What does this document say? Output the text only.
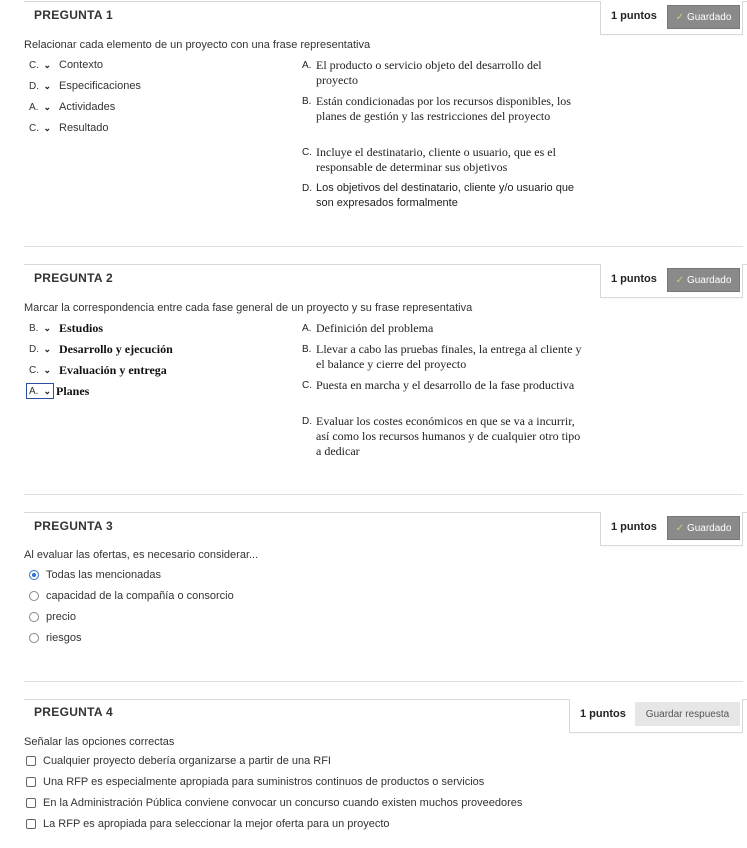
PREGUNTA 1	1 puntos ✓ Guardado
Relacionar cada elemento de un proyecto con una frase representativa
C. ⌄ Contexto
D. ⌄ Especificaciones
A. ⌄ Actividades
C. ⌄ Resultado
A. El producto o servicio objeto del desarrollo del proyecto
B. Están condicionadas por los recursos disponibles, los planes de gestión y las restricciones del proyecto
C. Incluye el destinatario, cliente o usuario, que es el responsable de determinar sus objetivos
D. Los objetivos del destinatario, cliente y/o usuario que son expresados formalmente
PREGUNTA 2	1 puntos ✓ Guardado
Marcar la correspondencia entre cada fase general de un proyecto y su frase representativa
B. ⌄ Estudios
D. ⌄ Desarrollo y ejecución
C. ⌄ Evaluación y entrega
A. ⌄ Planes
A. Definición del problema
B. Llevar a cabo las pruebas finales, la entrega al cliente y el balance y cierre del proyecto
C. Puesta en marcha y el desarrollo de la fase productiva
D. Evaluar los costes económicos en que se va a incurrir, así como los recursos humanos y de cualquier otro tipo a dedicar
PREGUNTA 3	1 puntos ✓ Guardado
Al evaluar las ofertas, es necesario considerar...
Todas las mencionadas
capacidad de la compañía o consorcio
precio
riesgos
PREGUNTA 4	1 puntos	Guardar respuesta
Señalar las opciones correctas
Cualquier proyecto debería organizarse a partir de una RFI
Una RFP es especialmente apropiada para suministros continuos de productos o servicios
En la Administración Pública conviene convocar un concurso cuando existen muchos proveedores
La RFP es apropiada para seleccionar la mejor oferta para un proyecto
